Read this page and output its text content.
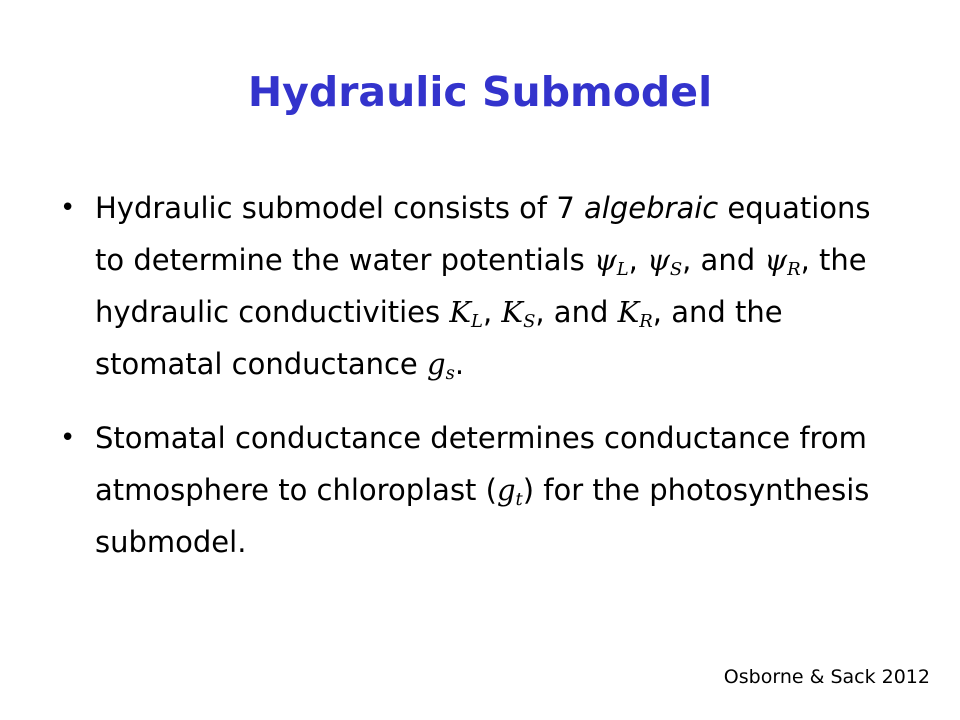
Hydraulic Submodel
• Hydraulic submodel consists of 7 algebraic equations to determine the water potentials $\psi_L$, $\psi_S$, and $\psi_R$, the hydraulic conductivities $K_L$, $K_S$, and $K_R$, and the stomatal conductance $g_s$.
• Stomatal conductance determines conductance from atmosphere to chloroplast $(g_t)$ for the photosynthesis submodel.
Osborne & Sack 2012
